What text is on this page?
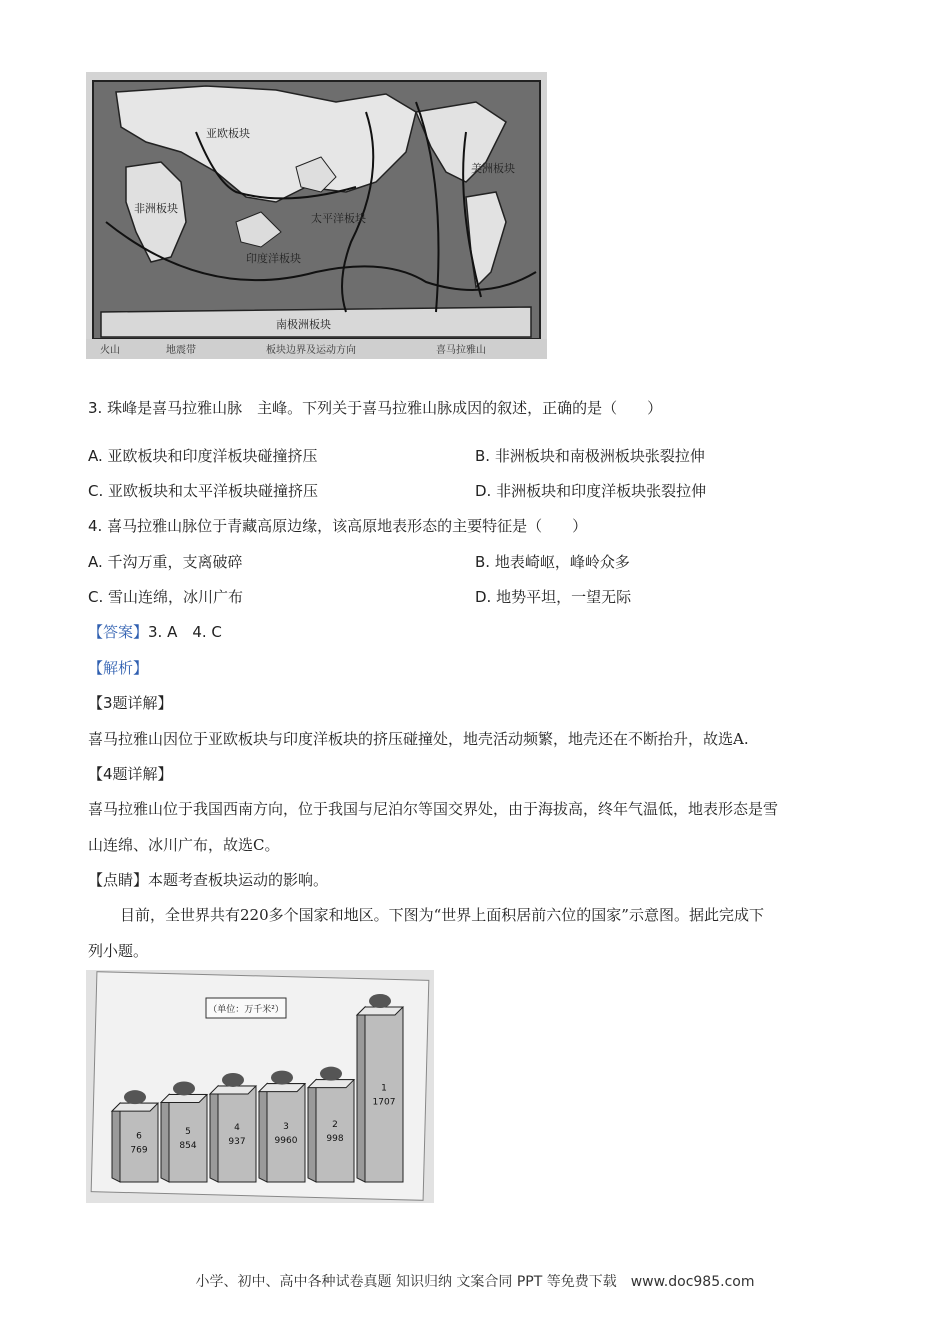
亚欧板块
太平洋板块
印度洋板块
南极洲板块
美洲板块
非洲板块
火山	地震带	板块边界及运动方向	喜马拉雅山
3. 珠峰是喜马拉雅山脉　主峰。下列关于喜马拉雅山脉成因的叙述，正确的是（　　）
A. 亚欧板块和印度洋板块碰撞挤压	B. 非洲板块和南极洲板块张裂拉伸
C. 亚欧板块和太平洋板块碰撞挤压	D. 非洲板块和印度洋板块张裂拉伸
4. 喜马拉雅山脉位于青藏高原边缘，该高原地表形态的主要特征是（　　）
A. 千沟万重，支离破碎	B. 地表崎岖，峰岭众多
C. 雪山连绵，冰川广布	D. 地势平坦，一望无际
【答案】3. A　4. C
【解析】
【3题详解】
喜马拉雅山因位于亚欧板块与印度洋板块的挤压碰撞处，地壳活动频繁，地壳还在不断抬升，故选A.
【4题详解】
喜马拉雅山位于我国西南方向，位于我国与尼泊尔等国交界处，由于海拔高，终年气温低，地表形态是雪
山连绵、冰川广布，故选C。
【点睛】本题考查板块运动的影响。
目前，全世界共有220多个国家和地区。下图为“世界上面积居前六位的国家”示意图。据此完成下
列小题。
（单位：万千米²）
6
769
5
854
4
937
3
9960
2
998
1
1707
小学、初中、高中各种试卷真题 知识归纳 文案合同 PPT 等免费下载　www.doc985.com
